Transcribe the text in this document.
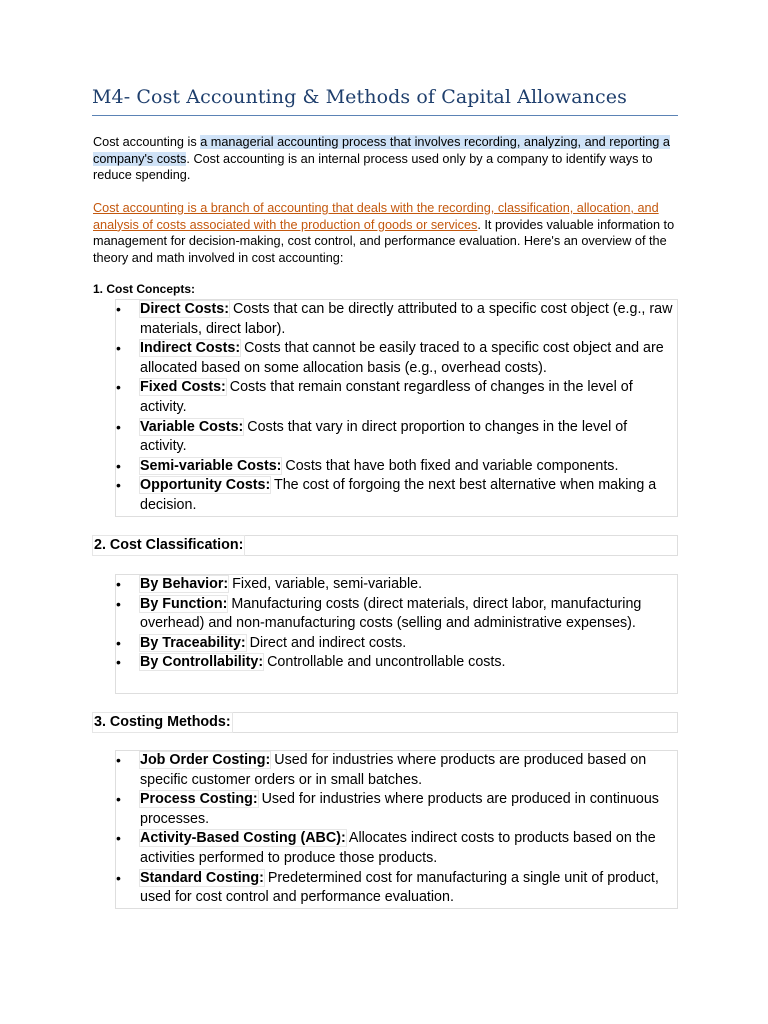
M4- Cost Accounting & Methods of Capital Allowances

Cost accounting is a managerial accounting process that involves recording, analyzing, and reporting a company's costs. Cost accounting is an internal process used only by a company to identify ways to reduce spending.

Cost accounting is a branch of accounting that deals with the recording, classification, allocation, and analysis of costs associated with the production of goods or services. It provides valuable information to management for decision-making, cost control, and performance evaluation. Here's an overview of the theory and math involved in cost accounting:

1. Cost Concepts:
• Direct Costs: Costs that can be directly attributed to a specific cost object (e.g., raw materials, direct labor).
• Indirect Costs: Costs that cannot be easily traced to a specific cost object and are allocated based on some allocation basis (e.g., overhead costs).
• Fixed Costs: Costs that remain constant regardless of changes in the level of activity.
• Variable Costs: Costs that vary in direct proportion to changes in the level of activity.
• Semi-variable Costs: Costs that have both fixed and variable components.
• Opportunity Costs: The cost of forgoing the next best alternative when making a decision.
2. Cost Classification:
• By Behavior: Fixed, variable, semi-variable.
• By Function: Manufacturing costs (direct materials, direct labor, manufacturing overhead) and non-manufacturing costs (selling and administrative expenses).
• By Traceability: Direct and indirect costs.
• By Controllability: Controllable and uncontrollable costs.
3. Costing Methods:
• Job Order Costing: Used for industries where products are produced based on specific customer orders or in small batches.
• Process Costing: Used for industries where products are produced in continuous processes.
• Activity-Based Costing (ABC): Allocates indirect costs to products based on the activities performed to produce those products.
• Standard Costing: Predetermined cost for manufacturing a single unit of product, used for cost control and performance evaluation.
